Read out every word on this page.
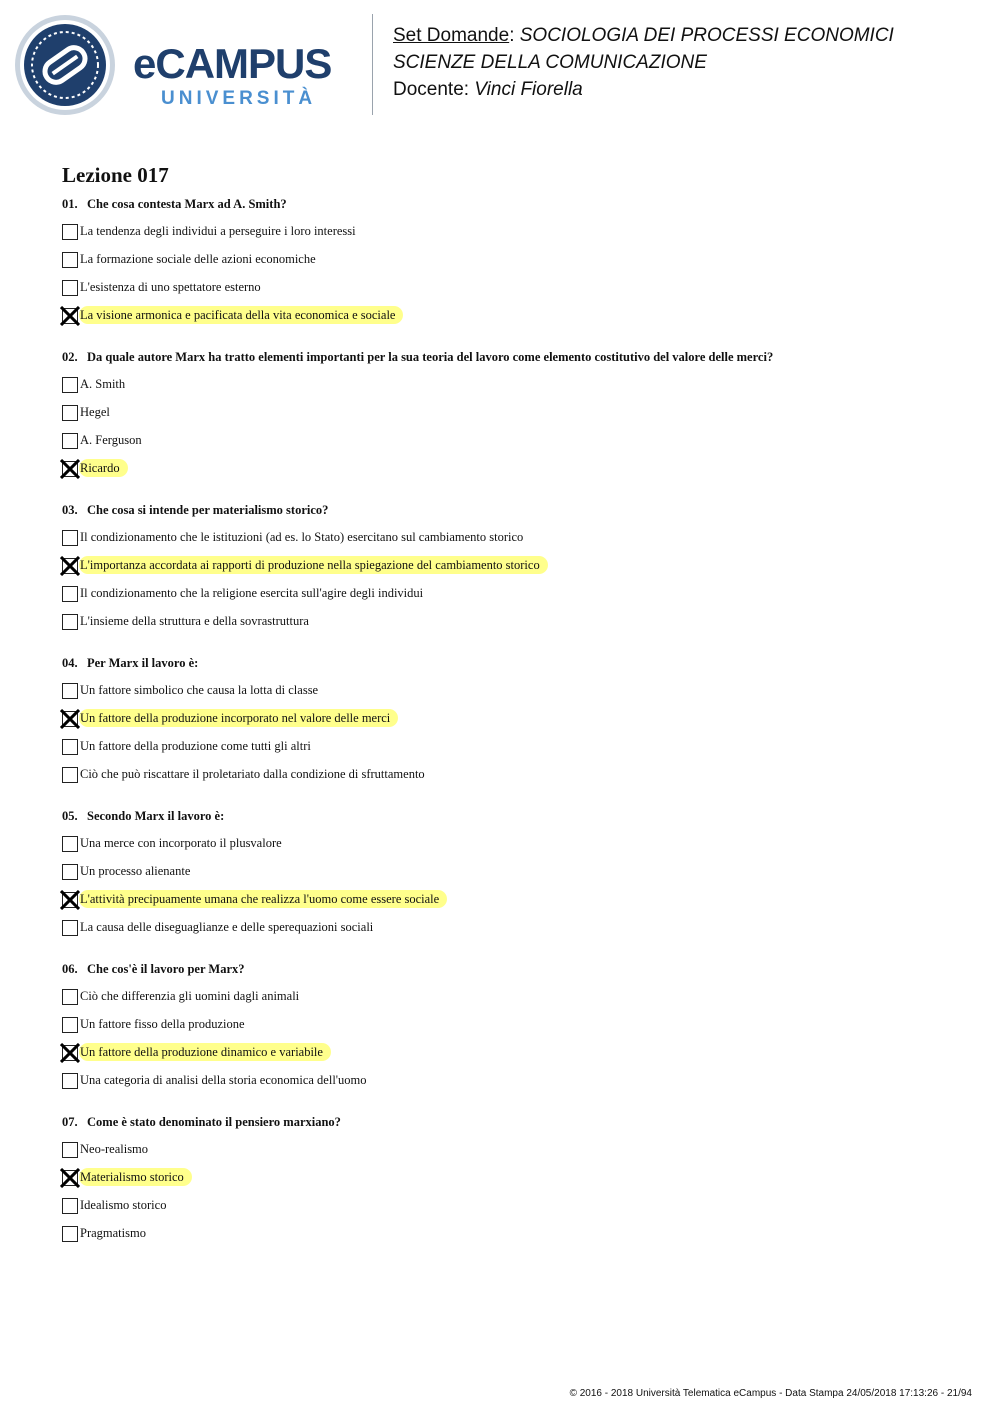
eCAMPUS
UNIVERSITÀ
Set Domande: SOCIOLOGIA DEI PROCESSI ECONOMICI
SCIENZE DELLA COMUNICAZIONE
Docente: Vinci Fiorella
Lezione 017
01. Che cosa contesta Marx ad A. Smith?
La tendenza degli individui a perseguire i loro interessi
La formazione sociale delle azioni economiche
L'esistenza di uno spettatore esterno
La visione armonica e pacificata della vita economica e sociale
02. Da quale autore Marx ha tratto elementi importanti per la sua teoria del lavoro come elemento costitutivo del valore delle merci?
A. Smith
Hegel
A. Ferguson
Ricardo
03. Che cosa si intende per materialismo storico?
Il condizionamento che le istituzioni (ad es. lo Stato) esercitano sul cambiamento storico
L'importanza accordata ai rapporti di produzione nella spiegazione del cambiamento storico
Il condizionamento che la religione esercita sull'agire degli individui
L'insieme della struttura e della sovrastruttura
04. Per Marx il lavoro è:
Un fattore simbolico che causa la lotta di classe
Un fattore della produzione incorporato nel valore delle merci
Un fattore della produzione come tutti gli altri
Ciò che può riscattare il proletariato dalla condizione di sfruttamento
05. Secondo Marx il lavoro è:
Una merce con incorporato il plusvalore
Un processo alienante
L'attività precipuamente umana che realizza l'uomo come essere sociale
La causa delle diseguaglianze e delle sperequazioni sociali
06. Che cos'è il lavoro per Marx?
Ciò che differenzia gli uomini dagli animali
Un fattore fisso della produzione
Un fattore della produzione dinamico e variabile
Una categoria di analisi della storia economica dell'uomo
07. Come è stato denominato il pensiero marxiano?
Neo-realismo
Materialismo storico
Idealismo storico
Pragmatismo
© 2016 - 2018 Università Telematica eCampus - Data Stampa 24/05/2018 17:13:26 - 21/94
